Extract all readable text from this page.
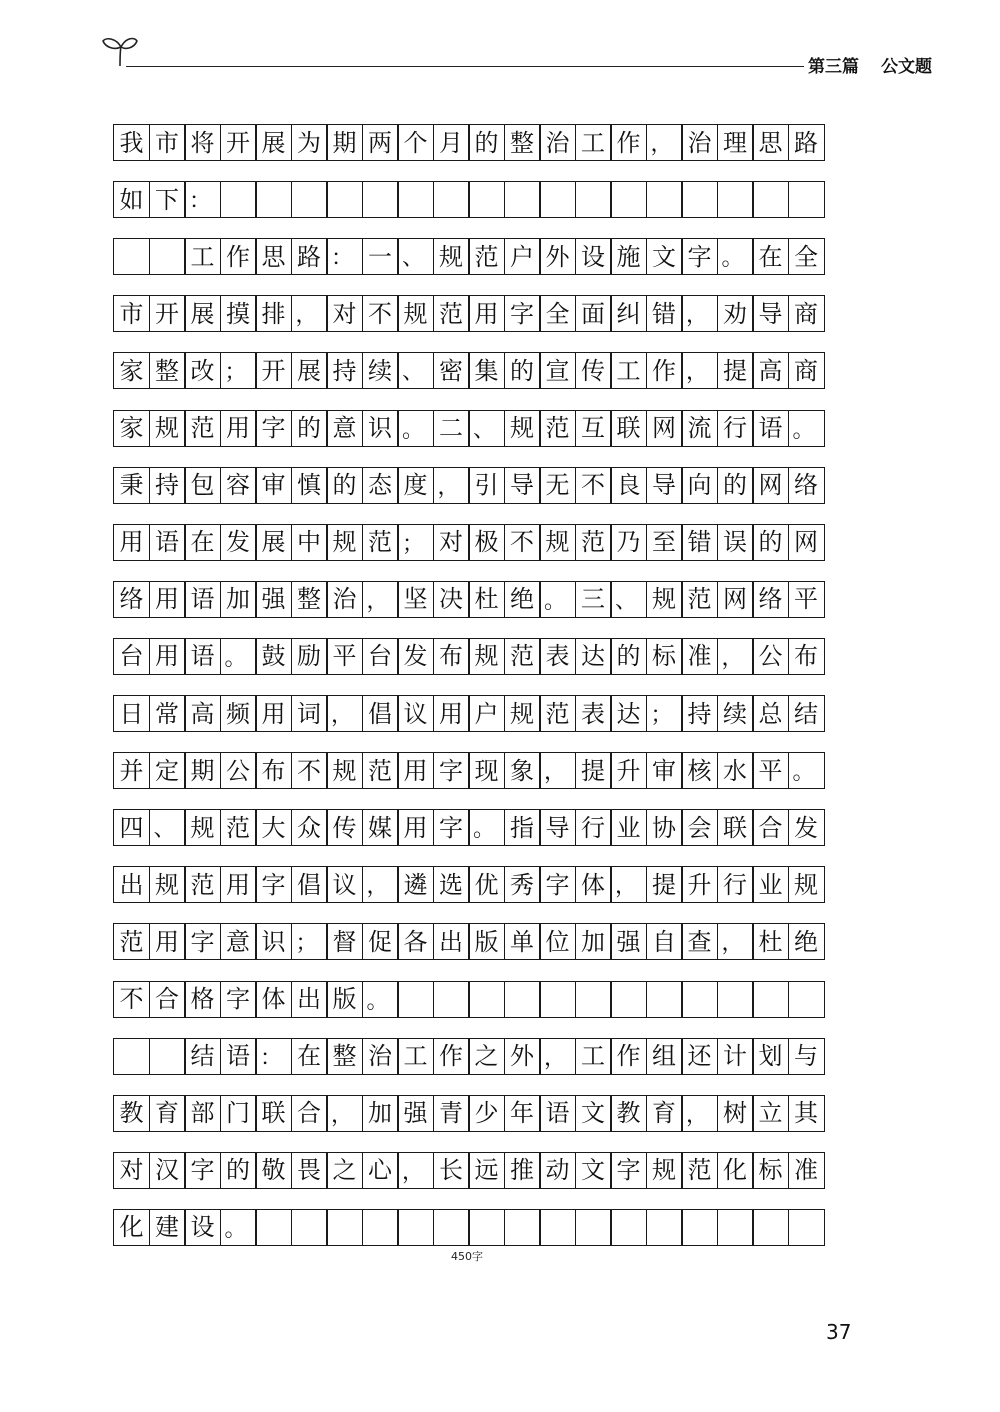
第三篇 公文题
我 市 将 开 展 为 期 两 个 月 的 整 治 工 作 ， 治 理 思 路
如 下 ：
工 作 思 路 ： 一 、 规 范 户 外 设 施 文 字 。 在 全
市 开 展 摸 排 ， 对 不 规 范 用 字 全 面 纠 错 ， 劝 导 商
家 整 改 ； 开 展 持 续 、 密 集 的 宣 传 工 作 ， 提 高 商
家 规 范 用 字 的 意 识 。 二 、 规 范 互 联 网 流 行 语 。
秉 持 包 容 审 慎 的 态 度 ， 引 导 无 不 良 导 向 的 网 络
用 语 在 发 展 中 规 范 ； 对 极 不 规 范 乃 至 错 误 的 网
络 用 语 加 强 整 治 ， 坚 决 杜 绝 。 三 、 规 范 网 络 平
台 用 语 。 鼓 励 平 台 发 布 规 范 表 达 的 标 准 ， 公 布
日 常 高 频 用 词 ， 倡 议 用 户 规 范 表 达 ； 持 续 总 结
并 定 期 公 布 不 规 范 用 字 现 象 ， 提 升 审 核 水 平 。
四 、 规 范 大 众 传 媒 用 字 。 指 导 行 业 协 会 联 合 发
出 规 范 用 字 倡 议 ， 遴 选 优 秀 字 体 ， 提 升 行 业 规
范 用 字 意 识 ； 督 促 各 出 版 单 位 加 强 自 查 ， 杜 绝
不 合 格 字 体 出 版 。
结 语 ： 在 整 治 工 作 之 外 ， 工 作 组 还 计 划 与
教 育 部 门 联 合 ， 加 强 青 少 年 语 文 教 育 ， 树 立 其
对 汉 字 的 敬 畏 之 心 ， 长 远 推 动 文 字 规 范 化 标 准
化 建 设 。
450字
37
